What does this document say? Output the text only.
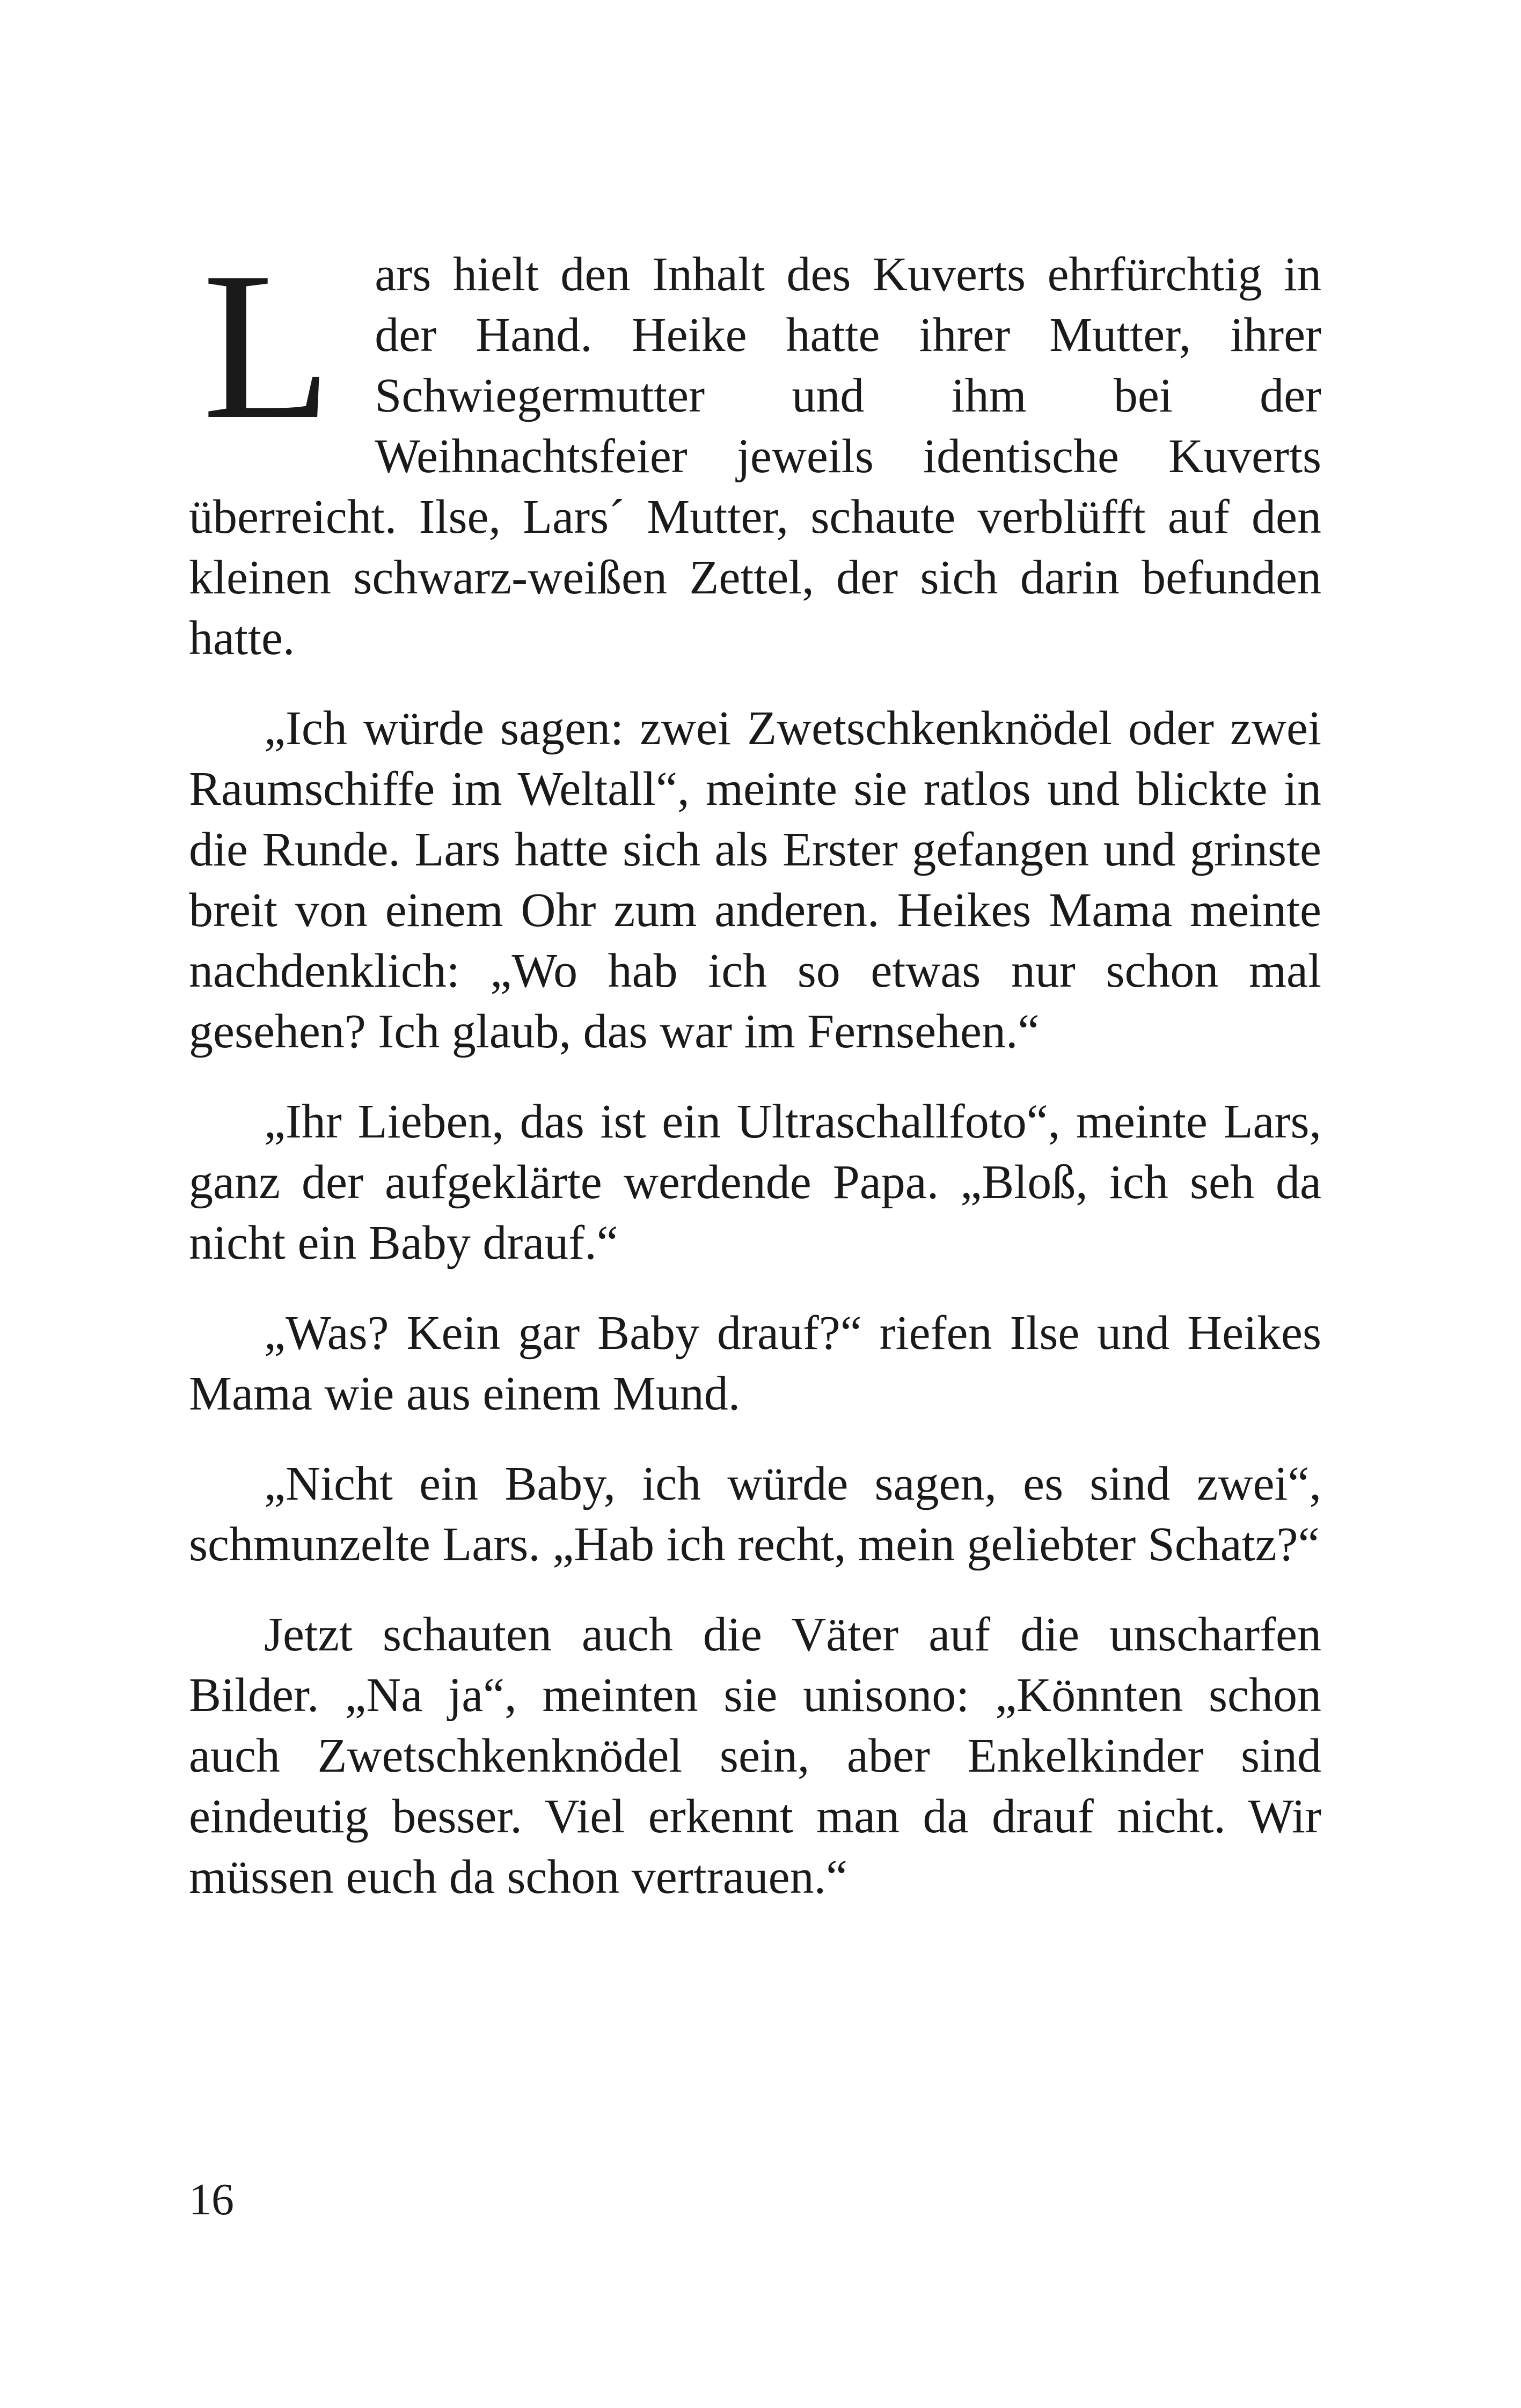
Lars hielt den Inhalt des Kuverts ehrfürchtig in der Hand. Heike hatte ihrer Mutter, ihrer Schwiegermutter und ihm bei der Weihnachtsfeier jeweils identische Kuverts überreicht. Ilse, Lars´ Mutter, schaute verblüfft auf den kleinen schwarz-weißen Zettel, der sich darin befunden hatte.

„Ich würde sagen: zwei Zwetschkenknödel oder zwei Raumschiffe im Weltall“, meinte sie ratlos und blickte in die Runde. Lars hatte sich als Erster gefangen und grinste breit von einem Ohr zum anderen. Heikes Mama meinte nachdenklich: „Wo hab ich so etwas nur schon mal gesehen? Ich glaub, das war im Fernsehen.“

„Ihr Lieben, das ist ein Ultraschallfoto“, meinte Lars, ganz der aufgeklärte werdende Papa. „Bloß, ich seh da nicht ein Baby drauf.“

„Was? Kein gar Baby drauf?“ riefen Ilse und Heikes Mama wie aus einem Mund.

„Nicht ein Baby, ich würde sagen, es sind zwei“, schmunzelte Lars. „Hab ich recht, mein geliebter Schatz?“

Jetzt schauten auch die Väter auf die unscharfen Bilder. „Na ja“, meinten sie unisono: „Könnten schon auch Zwetschkenknödel sein, aber Enkelkinder sind eindeutig besser. Viel erkennt man da drauf nicht. Wir müssen euch da schon vertrauen.“

16
